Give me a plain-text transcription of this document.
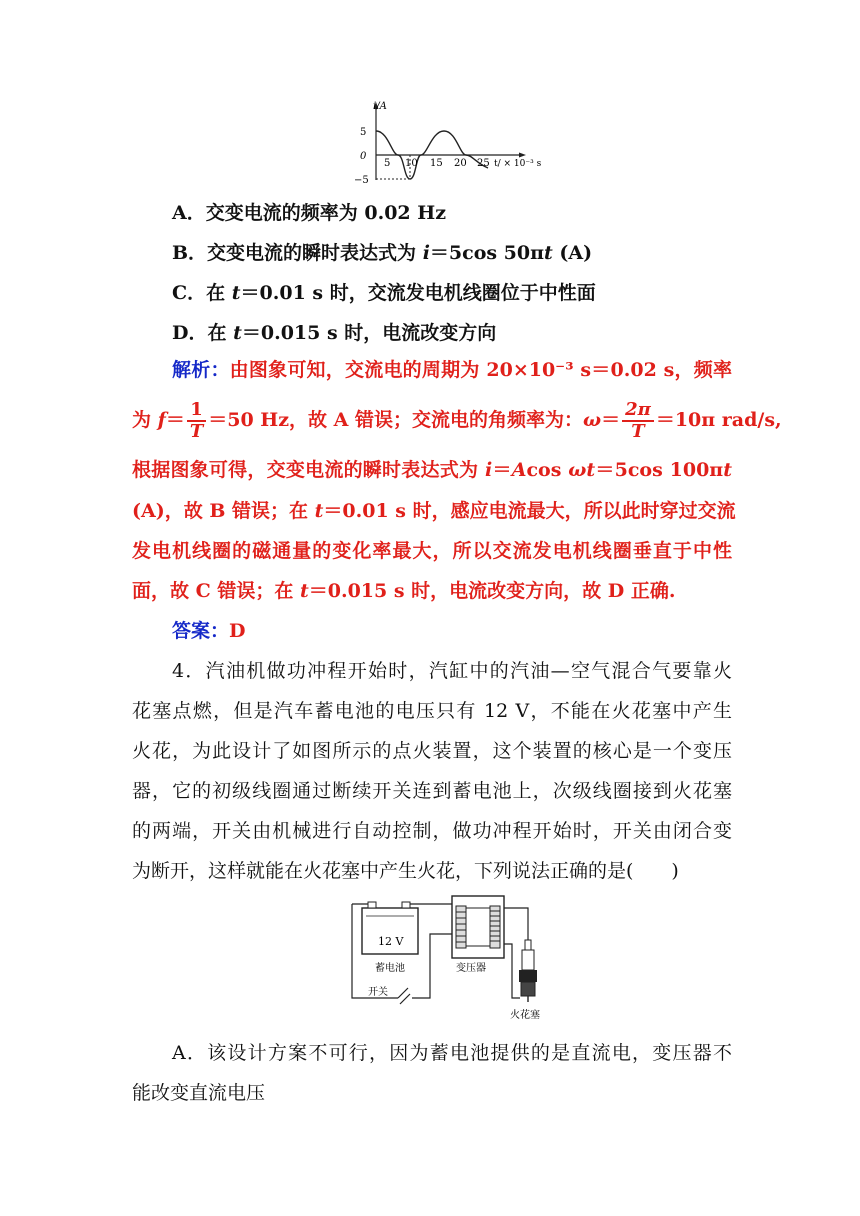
i/A
5
0
−5
5 10 15 20 25 t/ × 10⁻³ s
A．交变电流的频率为 0.02 Hz
B．交变电流的瞬时表达式为 i＝5cos 50πt (A)
C．在 t＝0.01 s 时，交流发电机线圈位于中性面
D．在 t＝0.015 s 时，电流改变方向
解析：由图象可知，交流电的周期为 20×10⁻³ s＝0.02 s，频率
为 $f= \frac{1}{T} =50$ Hz，故 A 错误；交流电的角频率为：$\omega= \frac{2\pi}{T} =10\pi$ rad/s,
根据图象可得，交变电流的瞬时表达式为 i＝Acos ωt＝5cos 100πt
(A)，故 B 错误；在 t＝0.01 s 时，感应电流最大，所以此时穿过交流
发电机线圈的磁通量的变化率最大，所以交流发电机线圈垂直于中性
面，故 C 错误；在 t＝0.015 s 时，电流改变方向，故 D 正确.
答案：D
4．汽油机做功冲程开始时，汽缸中的汽油—空气混合气要靠火
花塞点燃，但是汽车蓄电池的电压只有 12 V，不能在火花塞中产生
火花，为此设计了如图所示的点火装置，这个装置的核心是一个变压
器，它的初级线圈通过断续开关连到蓄电池上，次级线圈接到火花塞
的两端，开关由机械进行自动控制，做功冲程开始时，开关由闭合变
为断开，这样就能在火花塞中产生火花，下列说法正确的是(　　)
12 V
蓄电池
开关
变压器
火花塞
A．该设计方案不可行，因为蓄电池提供的是直流电，变压器不
能改变直流电压
